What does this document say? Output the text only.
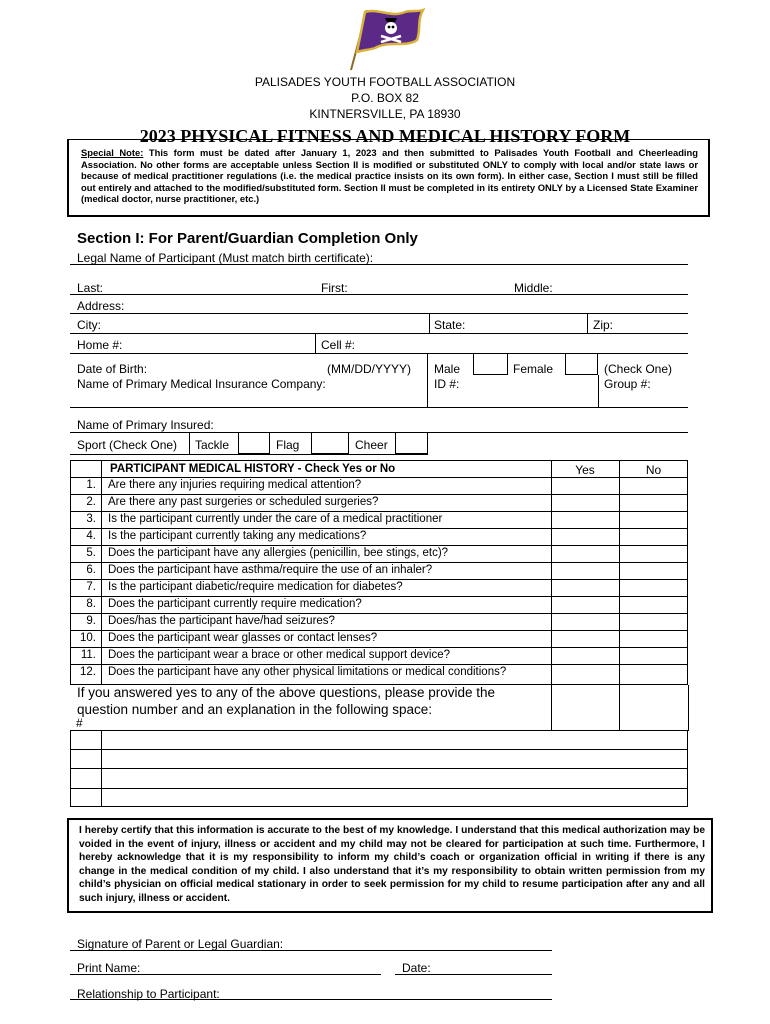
PALISADES YOUTH FOOTBALL ASSOCIATION
P.O. BOX 82
KINTNERSVILLE, PA 18930
2023 PHYSICAL FITNESS AND MEDICAL HISTORY FORM
Special Note: This form must be dated after January 1, 2023 and then submitted to Palisades Youth Football and Cheerleading Association. No other forms are acceptable unless Section II is modified or substituted ONLY to comply with local and/or state laws or because of medical practitioner regulations (i.e. the medical practice insists on its own form). In either case, Section I must still be filled out entirely and attached to the modified/substituted form. Section II must be completed in its entirety ONLY by a Licensed State Examiner (medical doctor, nurse practitioner, etc.)
Section I: For Parent/Guardian Completion Only
Legal Name of Participant (Must match birth certificate):
Last:	First:	Middle:
Address:
City:	State:	Zip:
Home #:	Cell #:
Date of Birth:	(MM/DD/YYYY) Male	Female	(Check One)
Name of Primary Medical Insurance Company:	ID #:	Group #:
Name of Primary Insured:
Sport (Check One) Tackle	Flag	Cheer
PARTICIPANT MEDICAL HISTORY - Check Yes or No	Yes	No
1.	Are there any injuries requiring medical attention?
2.	Are there any past surgeries or scheduled surgeries?
3.	Is the participant currently under the care of a medical practitioner
4.	Is the participant currently taking any medications?
5.	Does the participant have any allergies (penicillin, bee stings, etc)?
6.	Does the participant have asthma/require the use of an inhaler?
7.	Is the participant diabetic/require medication for diabetes?
8.	Does the participant currently require medication?
9.	Does/has the participant have/had seizures?
10.	Does the participant wear glasses or contact lenses?
11.	Does the participant wear a brace or other medical support device?
12.	Does the participant have any other physical limitations or medical conditions?
If you answered yes to any of the above questions, please provide the
question number and an explanation in the following space:
#
I hereby certify that this information is accurate to the best of my knowledge. I understand that this medical authorization may be voided in the event of injury, illness or accident and my child may not be cleared for participation at such time. Furthermore, I hereby acknowledge that it is my responsibility to inform my child’s coach or organization official in writing if there is any change in the medical condition of my child. I also understand that it’s my responsibility to obtain written permission from my child’s physician on official medical stationary in order to seek permission for my child to resume participation after any and all such injury, illness or accident.
Signature of Parent or Legal Guardian:
Print Name:	Date:
Relationship to Participant:
